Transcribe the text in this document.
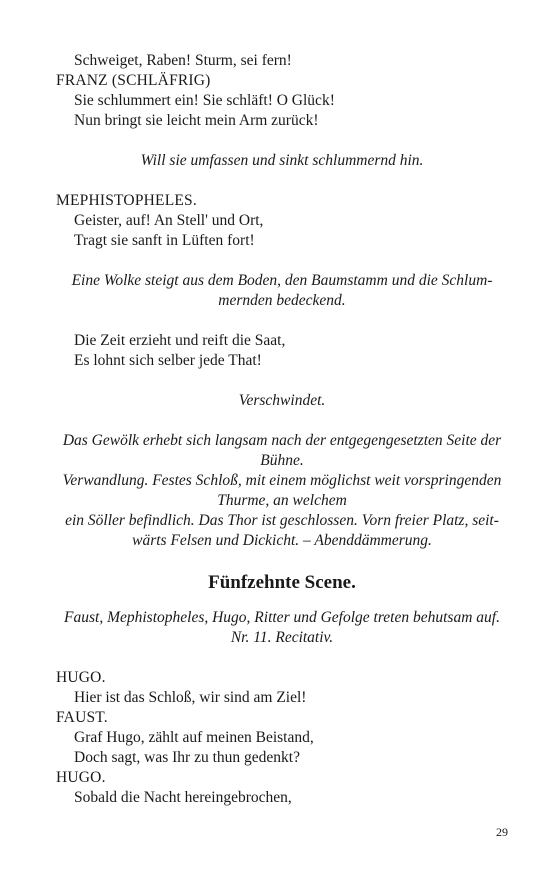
Schweiget, Raben! Sturm, sei fern!
FRANZ (SCHLÄFRIG)
Sie schlummert ein! Sie schläft! O Glück!
Nun bringt sie leicht mein Arm zurück!
Will sie umfassen und sinkt schlummernd hin.
MEPHISTOPHELES.
Geister, auf! An Stell' und Ort,
Tragt sie sanft in Lüften fort!
Eine Wolke steigt aus dem Boden, den Baumstamm und die Schlum-
mernden bedeckend.
Die Zeit erzieht und reift die Saat,
Es lohnt sich selber jede That!
Verschwindet.
Das Gewölk erhebt sich langsam nach der entgegengesetzten Seite der
Bühne.
Verwandlung. Festes Schloß, mit einem möglichst weit vorspringenden
Thurme, an welchem
ein Söller befindlich. Das Thor ist geschlossen. Vorn freier Platz, seit-
wärts Felsen und Dickicht. – Abenddämmerung.
Fünfzehnte Scene.
Faust, Mephistopheles, Hugo, Ritter und Gefolge treten behutsam auf.
Nr. 11. Recitativ.
HUGO.
Hier ist das Schloß, wir sind am Ziel!
FAUST.
Graf Hugo, zählt auf meinen Beistand,
Doch sagt, was Ihr zu thun gedenkt?
HUGO.
Sobald die Nacht hereingebrochen,
29
